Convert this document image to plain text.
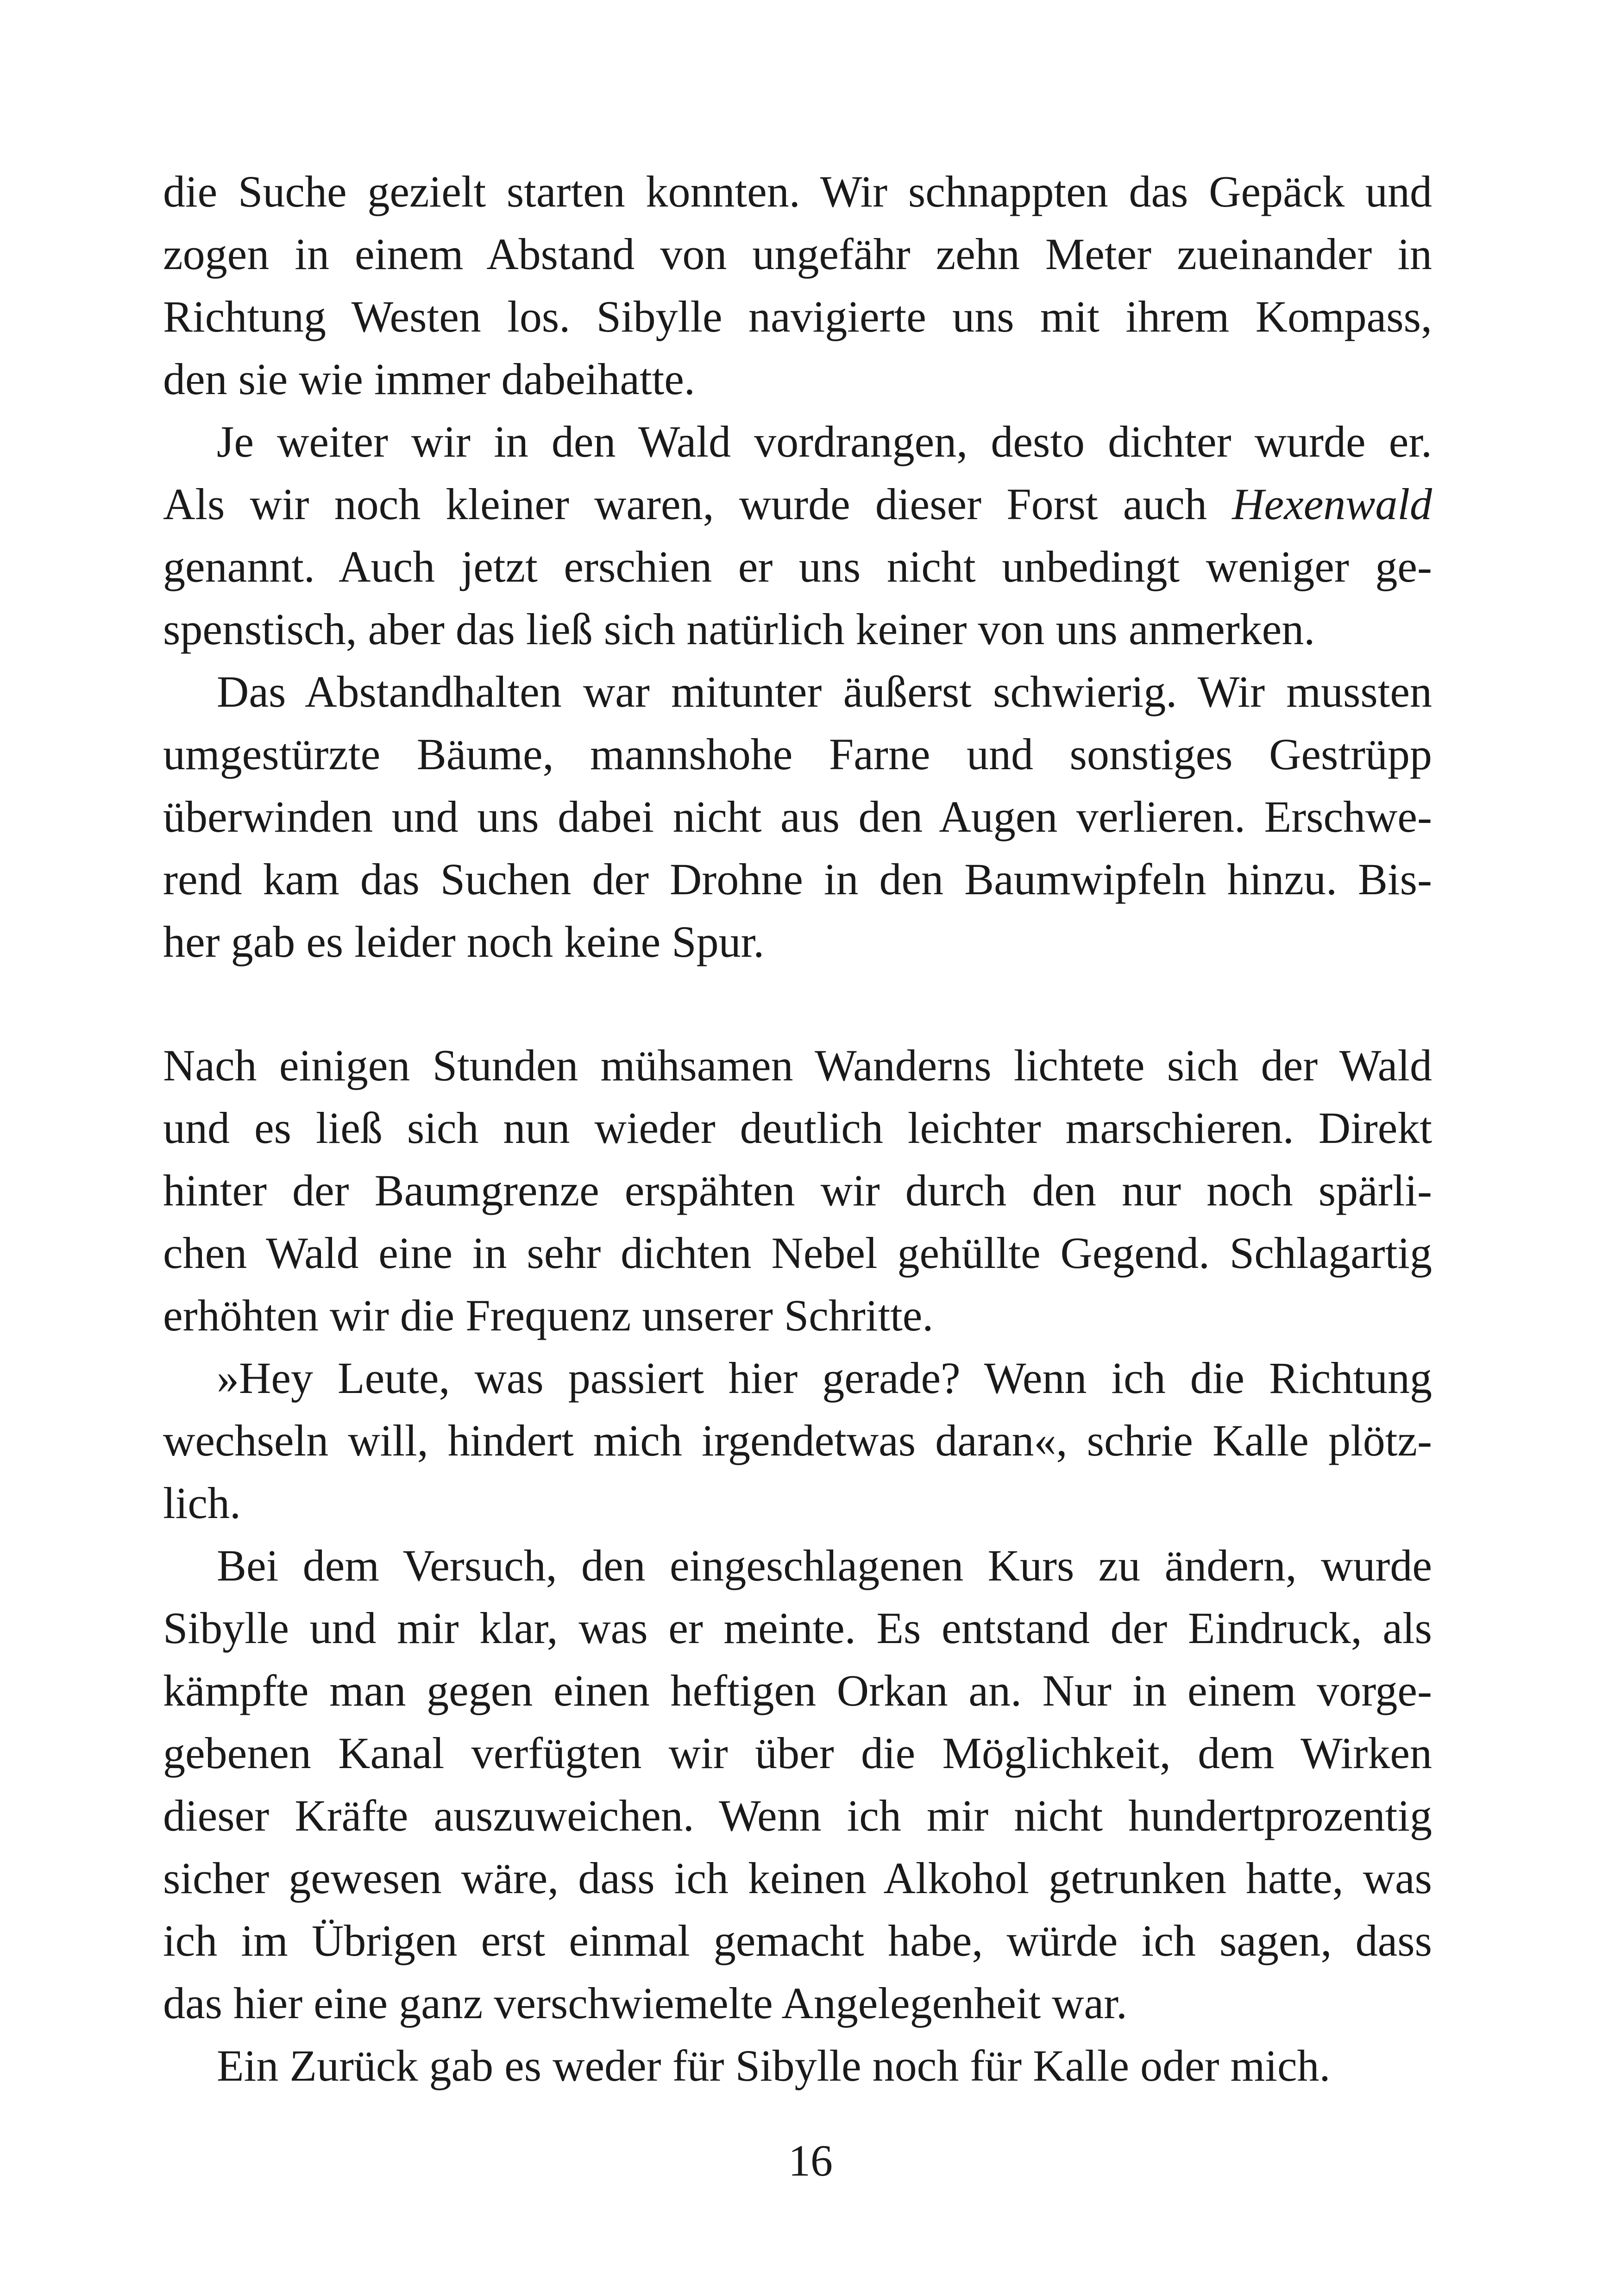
die Suche gezielt starten konnten. Wir schnappten das Gepäck und
zogen in einem Abstand von ungefähr zehn Meter zueinander in
Richtung Westen los. Sibylle navigierte uns mit ihrem Kompass,
den sie wie immer dabeihatte.
Je weiter wir in den Wald vordrangen, desto dichter wurde er.
Als wir noch kleiner waren, wurde dieser Forst auch Hexenwald
genannt. Auch jetzt erschien er uns nicht unbedingt weniger ge-
spenstisch, aber das ließ sich natürlich keiner von uns anmerken.
Das Abstandhalten war mitunter äußerst schwierig. Wir mussten
umgestürzte Bäume, mannshohe Farne und sonstiges Gestrüpp
überwinden und uns dabei nicht aus den Augen verlieren. Erschwe-
rend kam das Suchen der Drohne in den Baumwipfeln hinzu. Bis-
her gab es leider noch keine Spur.
Nach einigen Stunden mühsamen Wanderns lichtete sich der Wald
und es ließ sich nun wieder deutlich leichter marschieren. Direkt
hinter der Baumgrenze erspähten wir durch den nur noch spärli-
chen Wald eine in sehr dichten Nebel gehüllte Gegend. Schlagartig
erhöhten wir die Frequenz unserer Schritte.
»Hey Leute, was passiert hier gerade? Wenn ich die Richtung
wechseln will, hindert mich irgendetwas daran«, schrie Kalle plötz-
lich.
Bei dem Versuch, den eingeschlagenen Kurs zu ändern, wurde
Sibylle und mir klar, was er meinte. Es entstand der Eindruck, als
kämpfte man gegen einen heftigen Orkan an. Nur in einem vorge-
gebenen Kanal verfügten wir über die Möglichkeit, dem Wirken
dieser Kräfte auszuweichen. Wenn ich mir nicht hundertprozentig
sicher gewesen wäre, dass ich keinen Alkohol getrunken hatte, was
ich im Übrigen erst einmal gemacht habe, würde ich sagen, dass
das hier eine ganz verschwiemelte Angelegenheit war.
Ein Zurück gab es weder für Sibylle noch für Kalle oder mich.
16
